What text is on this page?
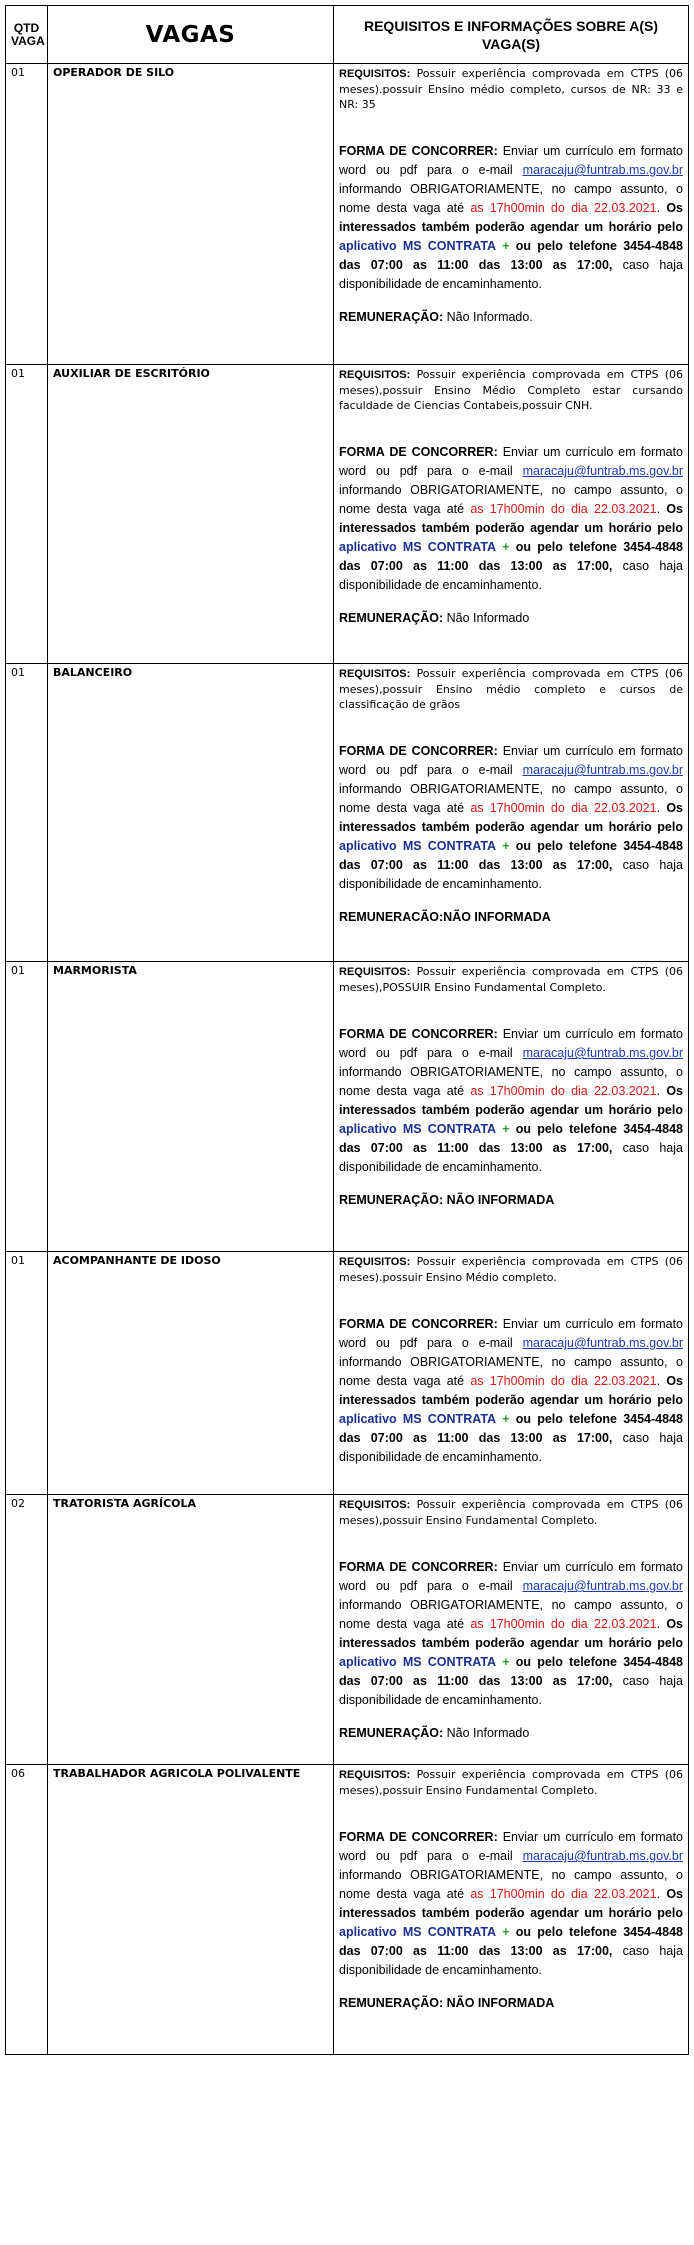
QTD VAGA	VAGAS	REQUISITOS E INFORMAÇÕES SOBRE A(S) VAGA(S)
01	OPERADOR DE SILO	REQUISITOS: Possuir experiência comprovada em CTPS (06 meses).possuir Ensino médio completo, cursos de NR: 33 e NR: 35
FORMA DE CONCORRER: Enviar um currículo em formato word ou pdf para o e-mail maracaju@funtrab.ms.gov.br informando OBRIGATORIAMENTE, no campo assunto, o nome desta vaga até as 17h00min do dia 22.03.2021. Os interessados também poderão agendar um horário pelo aplicativo MS CONTRATA + ou pelo telefone 3454-4848 das 07:00 as 11:00 das 13:00 as 17:00, caso haja disponibilidade de encaminhamento.
REMUNERAÇÃO: Não Informado.

01	AUXILIAR DE ESCRITÓRIO	REQUISITOS: Possuir experiência comprovada em CTPS (06 meses),possuir Ensino Médio Completo estar cursando faculdade de Ciencias Contabeis,possuir CNH.
FORMA DE CONCORRER: Enviar um currículo em formato word ou pdf para o e-mail maracaju@funtrab.ms.gov.br informando OBRIGATORIAMENTE, no campo assunto, o nome desta vaga até as 17h00min do dia 22.03.2021. Os interessados também poderão agendar um horário pelo aplicativo MS CONTRATA + ou pelo telefone 3454-4848 das 07:00 as 11:00 das 13:00 as 17:00, caso haja disponibilidade de encaminhamento.
REMUNERAÇÃO: Não Informado

01	BALANCEIRO	REQUISITOS: Possuir experiência comprovada em CTPS (06 meses),possuir Ensino médio completo e cursos de classificação de grãos
FORMA DE CONCORRER: Enviar um currículo em formato word ou pdf para o e-mail maracaju@funtrab.ms.gov.br informando OBRIGATORIAMENTE, no campo assunto, o nome desta vaga até as 17h00min do dia 22.03.2021. Os interessados também poderão agendar um horário pelo aplicativo MS CONTRATA + ou pelo telefone 3454-4848 das 07:00 as 11:00 das 13:00 as 17:00, caso haja disponibilidade de encaminhamento.
REMUNERACÃO:NÃO INFORMADA

01	MARMORISTA	REQUISITOS: Possuir experiência comprovada em CTPS (06 meses),POSSUIR Ensino Fundamental Completo.
FORMA DE CONCORRER: Enviar um currículo em formato word ou pdf para o e-mail maracaju@funtrab.ms.gov.br informando OBRIGATORIAMENTE, no campo assunto, o nome desta vaga até as 17h00min do dia 22.03.2021. Os interessados também poderão agendar um horário pelo aplicativo MS CONTRATA + ou pelo telefone 3454-4848 das 07:00 as 11:00 das 13:00 as 17:00, caso haja disponibilidade de encaminhamento.
REMUNERAÇÃO: NÃO INFORMADA

01	ACOMPANHANTE DE IDOSO	REQUISITOS: Possuir experiência comprovada em CTPS (06 meses).possuir Ensino Médio completo.
FORMA DE CONCORRER: Enviar um currículo em formato word ou pdf para o e-mail maracaju@funtrab.ms.gov.br informando OBRIGATORIAMENTE, no campo assunto, o nome desta vaga até as 17h00min do dia 22.03.2021. Os interessados também poderão agendar um horário pelo aplicativo MS CONTRATA + ou pelo telefone 3454-4848 das 07:00 as 11:00 das 13:00 as 17:00, caso haja disponibilidade de encaminhamento.

02	TRATORISTA AGRÍCOLA	REQUISITOS: Possuir experiência comprovada em CTPS (06 meses),possuir Ensino Fundamental Completo.
FORMA DE CONCORRER: Enviar um currículo em formato word ou pdf para o e-mail maracaju@funtrab.ms.gov.br informando OBRIGATORIAMENTE, no campo assunto, o nome desta vaga até as 17h00min do dia 22.03.2021. Os interessados também poderão agendar um horário pelo aplicativo MS CONTRATA + ou pelo telefone 3454-4848 das 07:00 as 11:00 das 13:00 as 17:00, caso haja disponibilidade de encaminhamento.
REMUNERAÇÃO: Não Informado

06	TRABALHADOR AGRICOLA POLIVALENTE	REQUISITOS: Possuir experiência comprovada em CTPS (06 meses),possuir Ensino Fundamental Completo.
FORMA DE CONCORRER: Enviar um currículo em formato word ou pdf para o e-mail maracaju@funtrab.ms.gov.br informando OBRIGATORIAMENTE, no campo assunto, o nome desta vaga até as 17h00min do dia 22.03.2021. Os interessados também poderão agendar um horário pelo aplicativo MS CONTRATA + ou pelo telefone 3454-4848 das 07:00 as 11:00 das 13:00 as 17:00, caso haja disponibilidade de encaminhamento.
REMUNERAÇÃO: NÃO INFORMADA
